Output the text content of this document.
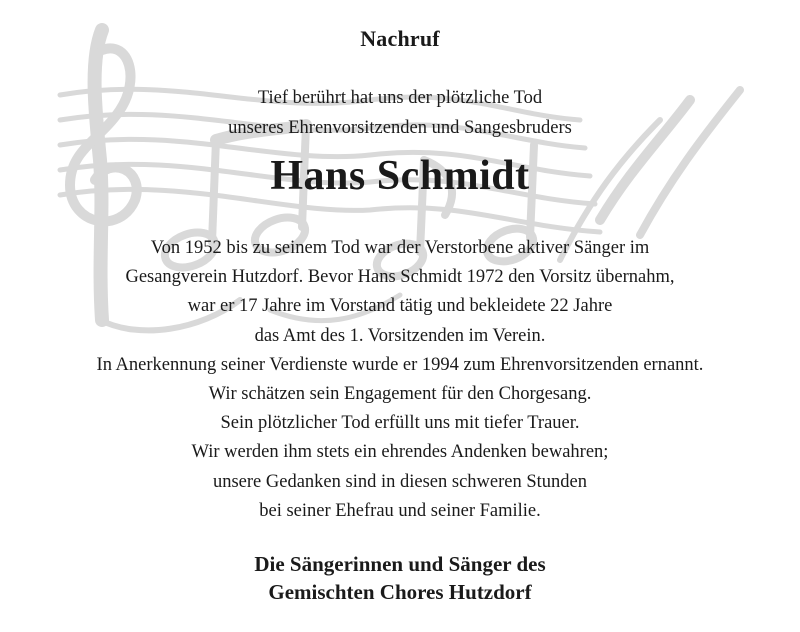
Nachruf
Tief berührt hat uns der plötzliche Tod
unseres Ehrenvorsitzenden und Sangesbruders
Hans Schmidt
Von 1952 bis zu seinem Tod war der Verstorbene aktiver Sänger im
Gesangverein Hutzdorf. Bevor Hans Schmidt 1972 den Vorsitz übernahm,
war er 17 Jahre im Vorstand tätig und bekleidete 22 Jahre
das Amt des 1. Vorsitzenden im Verein.
In Anerkennung seiner Verdienste wurde er 1994 zum Ehrenvorsitzenden ernannt.
Wir schätzen sein Engagement für den Chorgesang.
Sein plötzlicher Tod erfüllt uns mit tiefer Trauer.
Wir werden ihm stets ein ehrendes Andenken bewahren;
unsere Gedanken sind in diesen schweren Stunden
bei seiner Ehefrau und seiner Familie.
Die Sängerinnen und Sänger des
Gemischten Chores Hutzdorf
